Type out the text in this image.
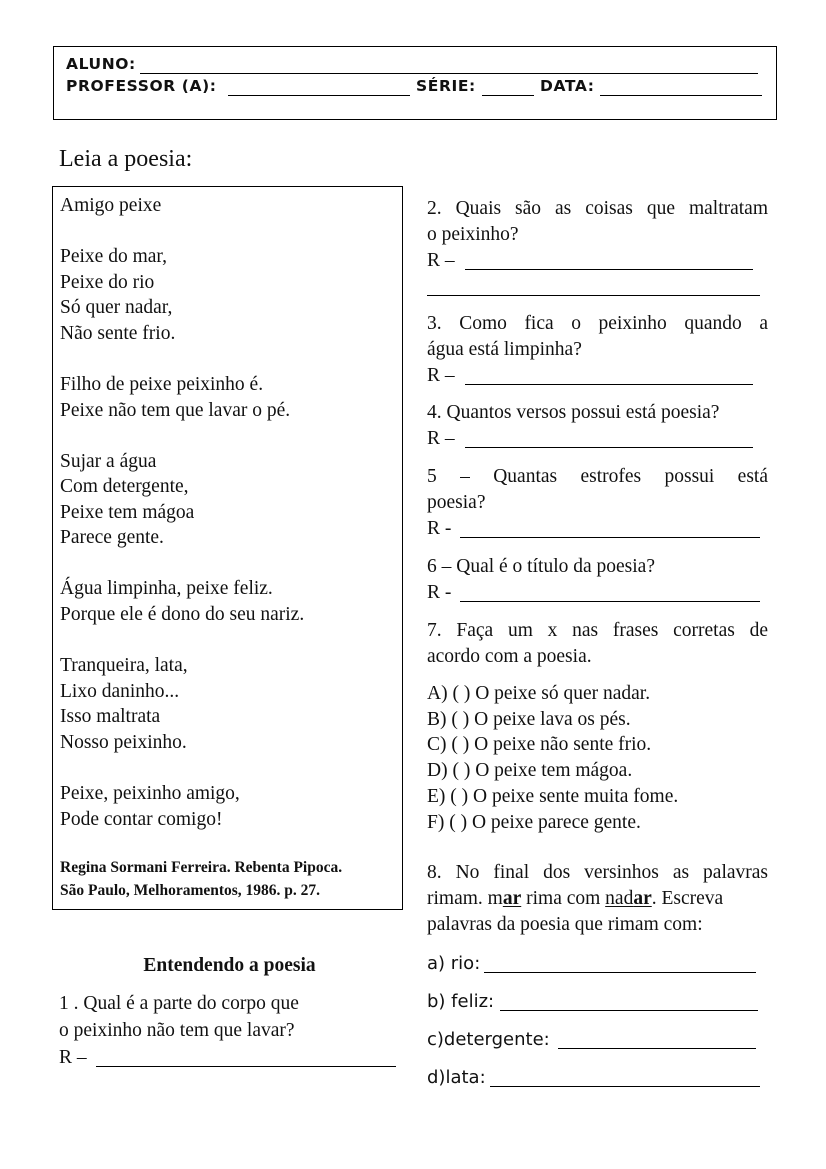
ALUNO:
PROFESSOR (A):	SÉRIE:	DATA:
Leia a poesia:
Amigo peixe
Peixe do mar,
Peixe do rio
Só quer nadar,
Não sente frio.
Filho de peixe peixinho é.
Peixe não tem que lavar o pé.
Sujar a água
Com detergente,
Peixe tem mágoa
Parece gente.
Água limpinha, peixe feliz.
Porque ele é dono do seu nariz.
Tranqueira, lata,
Lixo daninho...
Isso maltrata
Nosso peixinho.
Peixe, peixinho amigo,
Pode contar comigo!
Regina Sormani Ferreira. Rebenta Pipoca.
São Paulo, Melhoramentos, 1986. p. 27.
Entendendo a poesia
1 . Qual é a parte do corpo que
o peixinho não tem que lavar?
R –
2. Quais são as coisas que maltratam
o peixinho?
R –
3. Como fica o peixinho quando a
água está limpinha?
R –
4. Quantos versos possui está poesia?
R –
5 – Quantas estrofes possui está
poesia?
R -
6 – Qual é o título da poesia?
R -
7. Faça um x nas frases corretas de
acordo com a poesia.
A) ( ) O peixe só quer nadar.
B) ( ) O peixe lava os pés.
C) ( ) O peixe não sente frio.
D) ( ) O peixe tem mágoa.
E) ( ) O peixe sente muita fome.
F) ( ) O peixe parece gente.
8. No final dos versinhos as palavras
rimam. mar rima com nadar. Escreva
palavras da poesia que rimam com:
a) rio:
b) feliz:
c)detergente:
d)lata:
